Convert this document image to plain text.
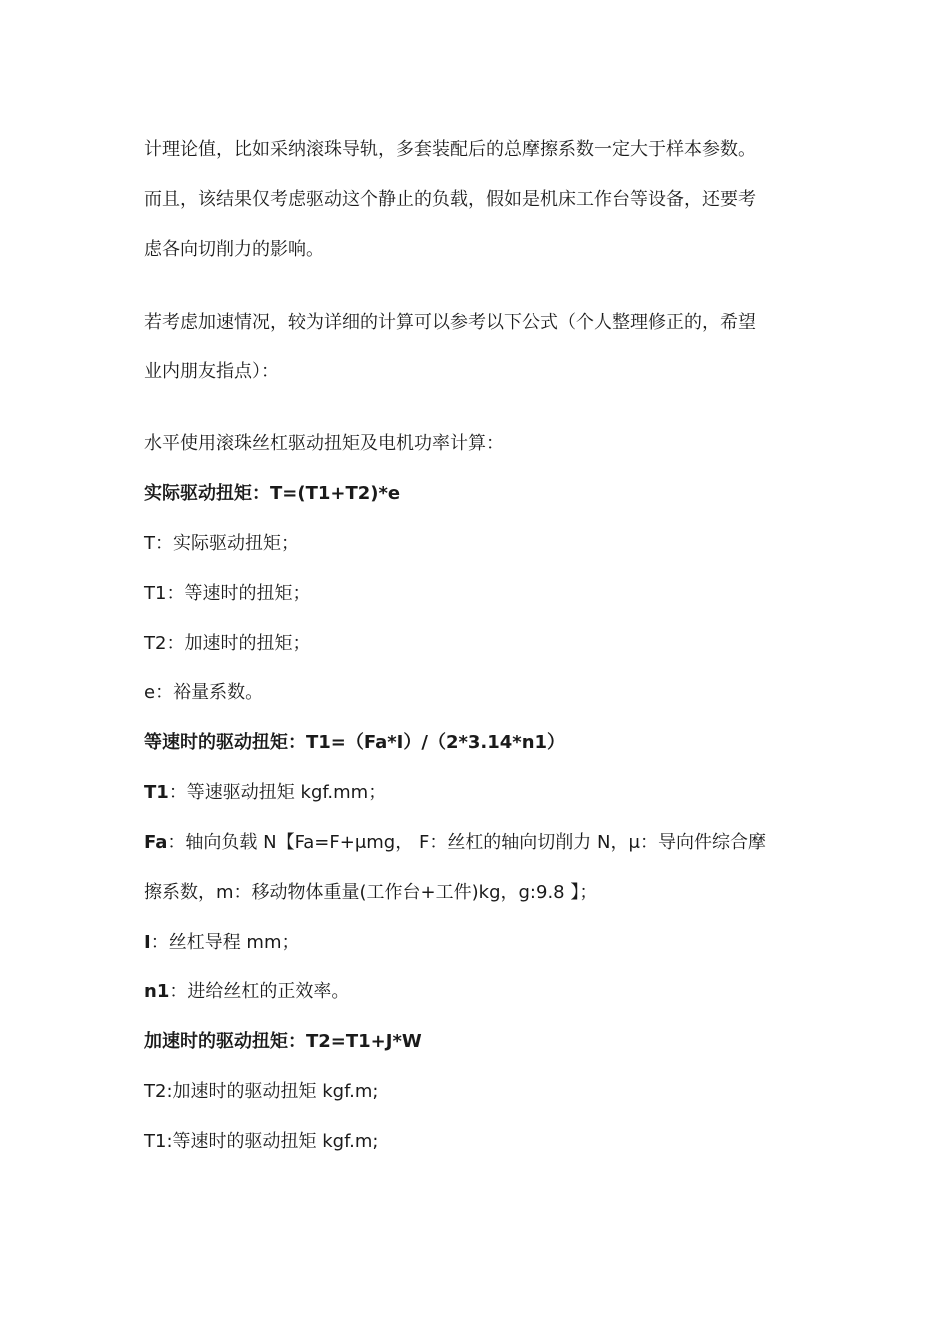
计理论值，比如采纳滚珠导轨，多套装配后的总摩擦系数一定大于样本参数。
而且，该结果仅考虑驱动这个静止的负载，假如是机床工作台等设备，还要考
虑各向切削力的影响。
若考虑加速情况，较为详细的计算可以参考以下公式（个人整理修正的，希望
业内朋友指点）：
水平使用滚珠丝杠驱动扭矩及电机功率计算：
实际驱动扭矩：T=(T1+T2)*e
T：实际驱动扭矩；
T1：等速时的扭矩；
T2：加速时的扭矩；
e：裕量系数。
等速时的驱动扭矩：T1=（Fa*I）/（2*3.14*n1）
T1：等速驱动扭矩 kgf.mm；
Fa：轴向负载 N【Fa=F+μmg， F：丝杠的轴向切削力 N，μ：导向件综合摩
擦系数，m：移动物体重量(工作台+工件)kg，g:9.8 】；
I：丝杠导程 mm；
n1：进给丝杠的正效率。
加速时的驱动扭矩：T2=T1+J*W
T2:加速时的驱动扭矩 kgf.m;
T1:等速时的驱动扭矩 kgf.m;
